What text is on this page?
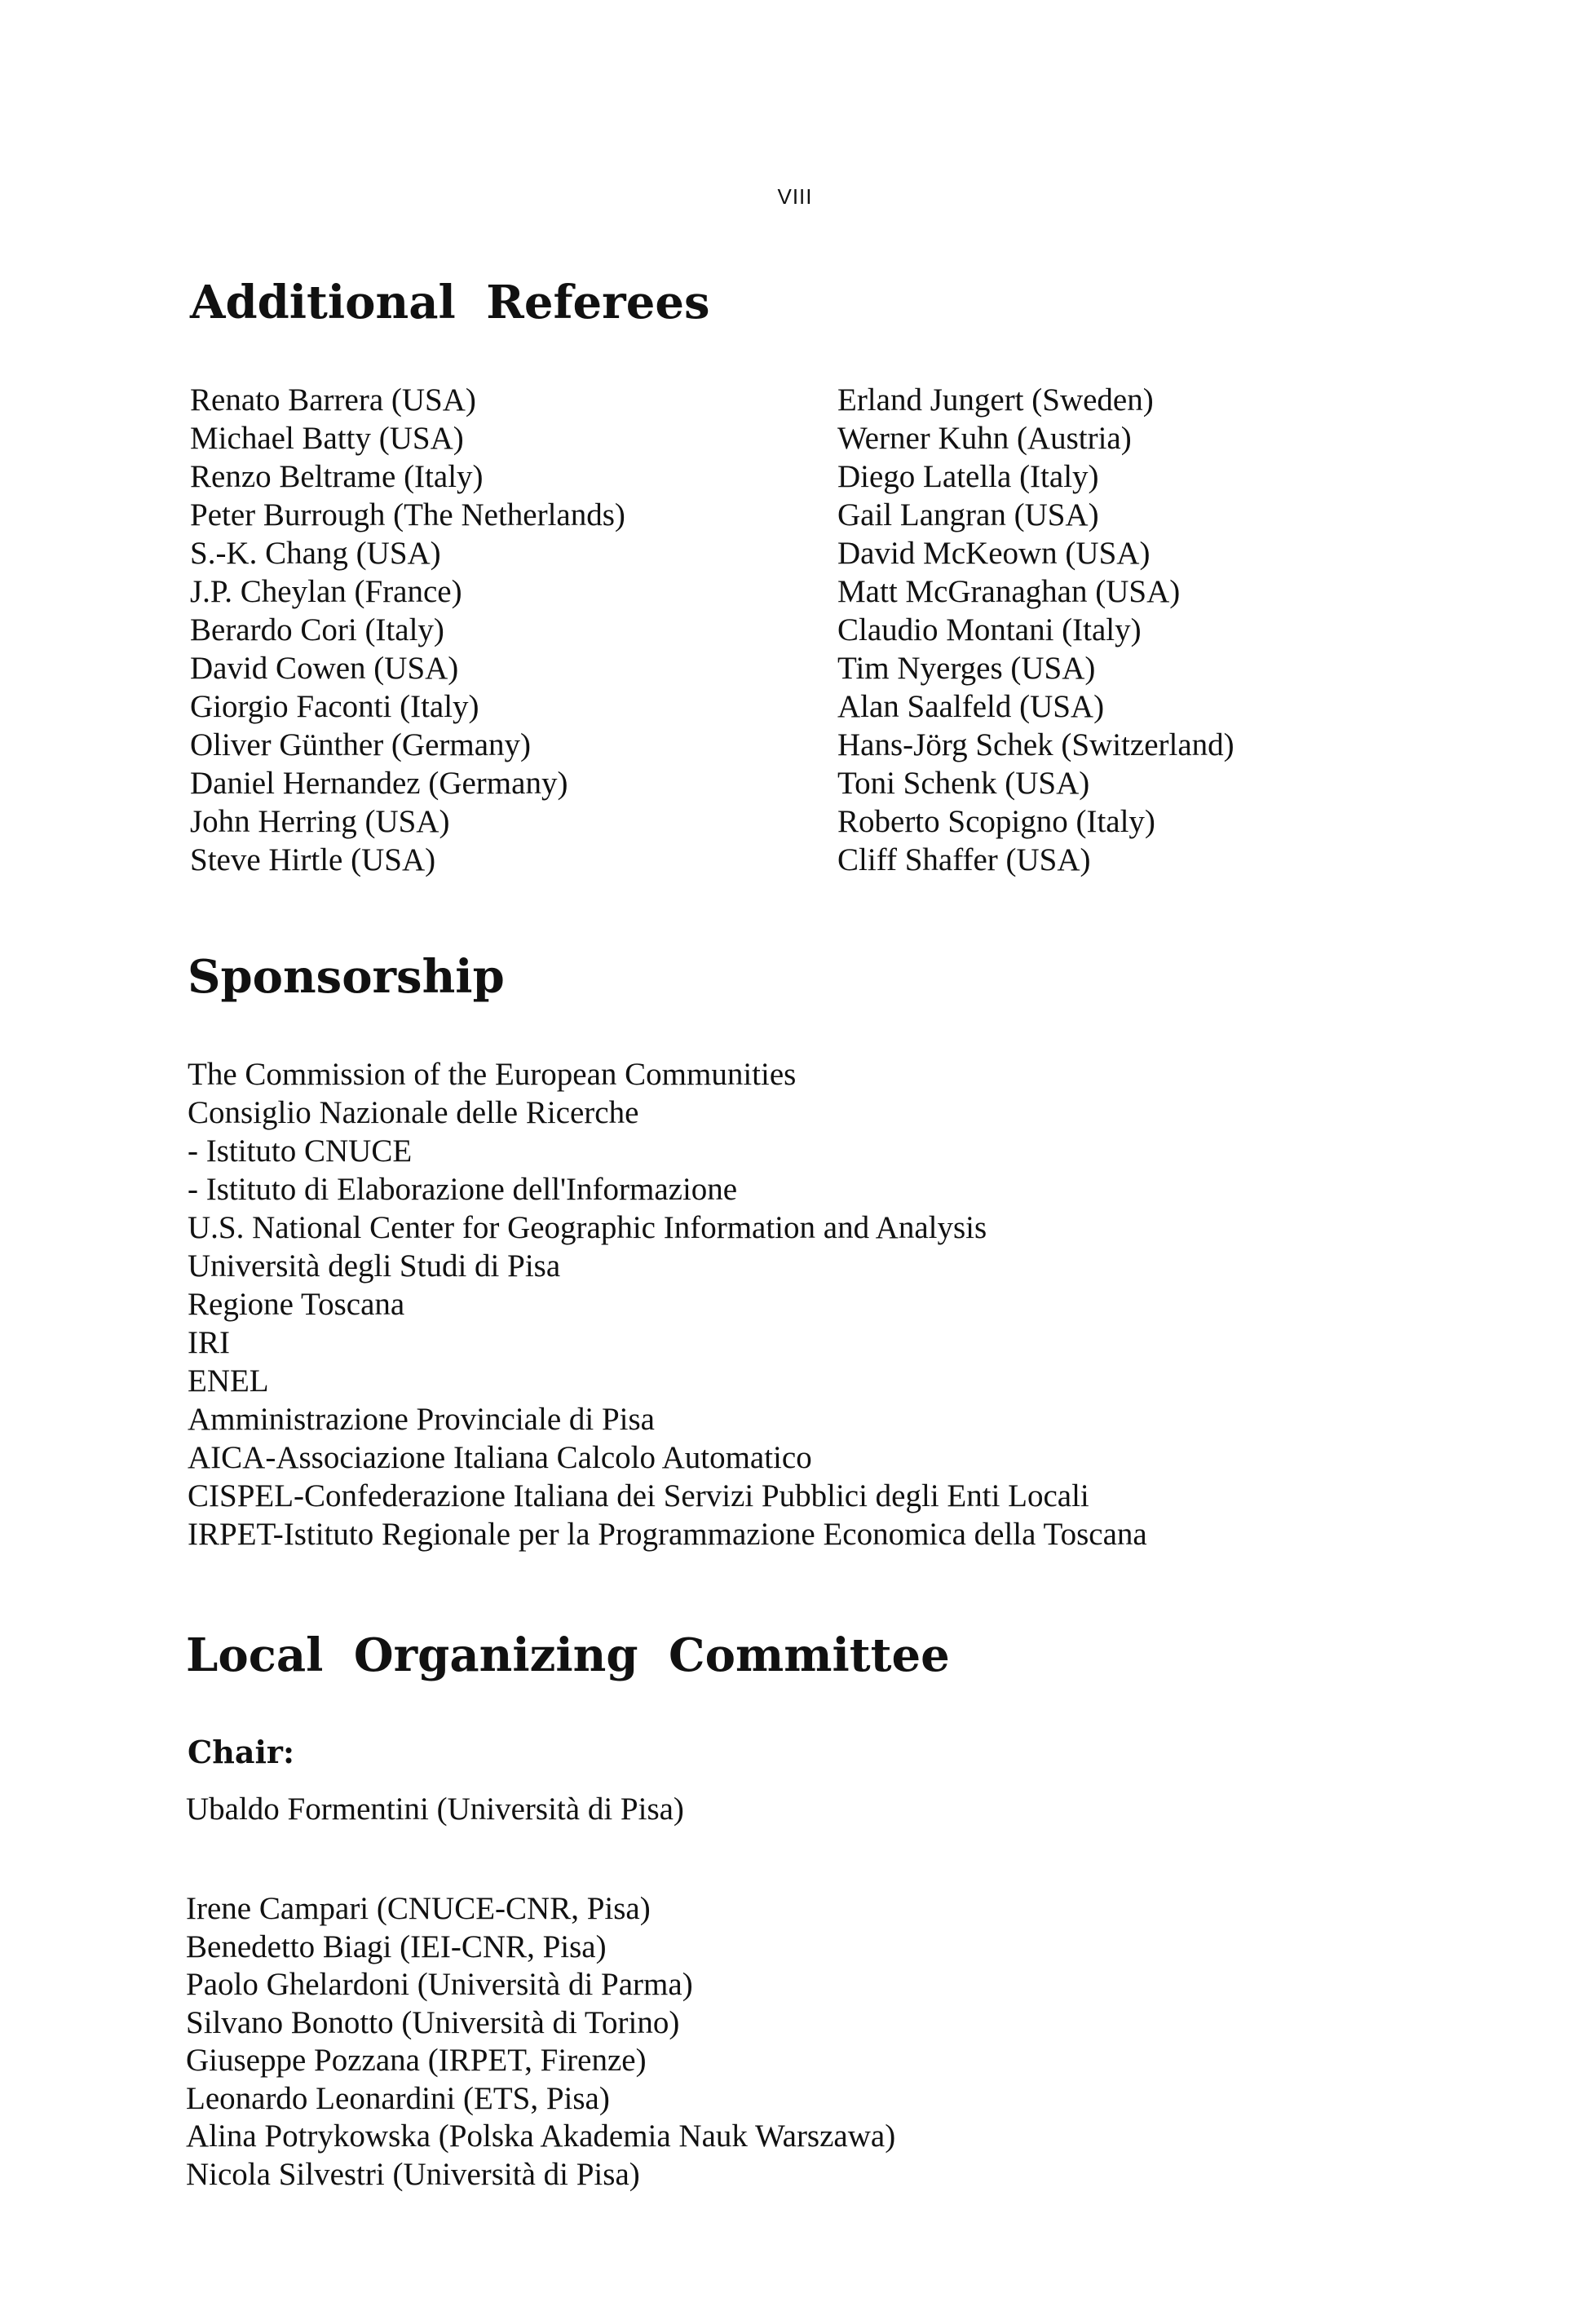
VIII
Additional Referees
Renato Barrera (USA)
Michael Batty (USA)
Renzo Beltrame (Italy)
Peter Burrough (The Netherlands)
S.-K. Chang (USA)
J.P. Cheylan (France)
Berardo Cori (Italy)
David Cowen (USA)
Giorgio Faconti (Italy)
Oliver Günther (Germany)
Daniel Hernandez (Germany)
John Herring (USA)
Steve Hirtle (USA)
Erland Jungert (Sweden)
Werner Kuhn (Austria)
Diego Latella (Italy)
Gail Langran (USA)
David McKeown (USA)
Matt McGranaghan (USA)
Claudio Montani (Italy)
Tim Nyerges (USA)
Alan Saalfeld (USA)
Hans-Jörg Schek (Switzerland)
Toni Schenk (USA)
Roberto Scopigno (Italy)
Cliff Shaffer (USA)
Sponsorship
The Commission of the European Communities
Consiglio Nazionale delle Ricerche
- Istituto CNUCE
- Istituto di Elaborazione dell'Informazione
U.S. National Center for Geographic Information and Analysis
Università degli Studi di Pisa
Regione Toscana
IRI
ENEL
Amministrazione Provinciale di Pisa
AICA-Associazione Italiana Calcolo Automatico
CISPEL-Confederazione Italiana dei Servizi Pubblici degli Enti Locali
IRPET-Istituto Regionale per la Programmazione Economica della Toscana
Local Organizing Committee
Chair:
Ubaldo Formentini (Università di Pisa)
Irene Campari (CNUCE-CNR, Pisa)
Benedetto Biagi (IEI-CNR, Pisa)
Paolo Ghelardoni (Università di Parma)
Silvano Bonotto (Università di Torino)
Giuseppe Pozzana (IRPET, Firenze)
Leonardo Leonardini (ETS, Pisa)
Alina Potrykowska (Polska Akademia Nauk Warszawa)
Nicola Silvestri (Università di Pisa)
